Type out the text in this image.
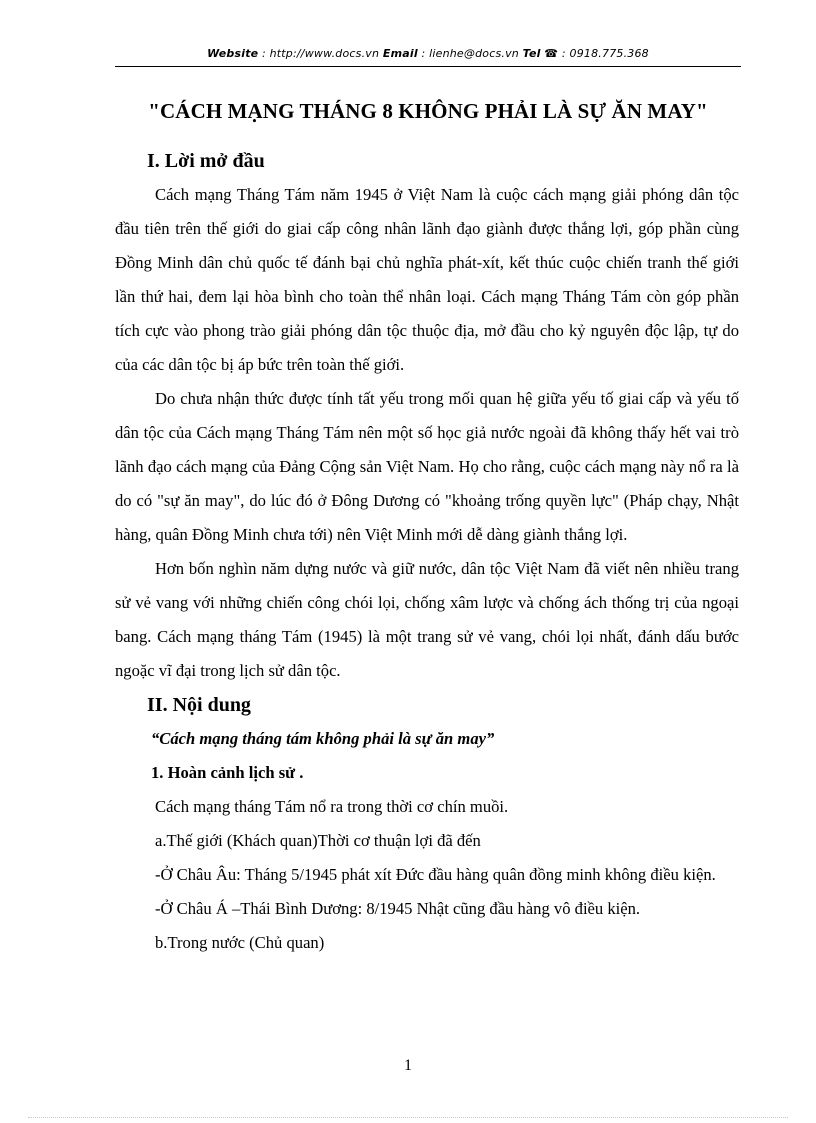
Website : http://www.docs.vn Email : lienhe@docs.vn Tel ☎ : 0918.775.368
"CÁCH MẠNG THÁNG 8 KHÔNG PHẢI LÀ SỰ ĂN MAY"

I. Lời mở đầu

Cách mạng Tháng Tám năm 1945 ở Việt Nam là cuộc cách mạng giải phóng dân tộc đầu tiên trên thế giới do giai cấp công nhân lãnh đạo giành được thắng lợi, góp phần cùng Đồng Minh dân chủ quốc tế đánh bại chủ nghĩa phát-xít, kết thúc cuộc chiến tranh thế giới lần thứ hai, đem lại hòa bình cho toàn thể nhân loại. Cách mạng Tháng Tám còn góp phần tích cực vào phong trào giải phóng dân tộc thuộc địa, mở đầu cho kỷ nguyên độc lập, tự do của các dân tộc bị áp bức trên toàn thế giới.

Do chưa nhận thức được tính tất yếu trong mối quan hệ giữa yếu tố giai cấp và yếu tố dân tộc của Cách mạng Tháng Tám nên một số học giả nước ngoài đã không thấy hết vai trò lãnh đạo cách mạng của Đảng Cộng sản Việt Nam. Họ cho rằng, cuộc cách mạng này nổ ra là do có "sự ăn may", do lúc đó ở Đông Dương có "khoảng trống quyền lực" (Pháp chạy, Nhật hàng, quân Đồng Minh chưa tới) nên Việt Minh mới dễ dàng giành thắng lợi.

Hơn bốn nghìn năm dựng nước và giữ nước, dân tộc Việt Nam đã viết nên nhiều trang sử vẻ vang với những chiến công chói lọi, chống xâm lược và chống ách thống trị của ngoại bang. Cách mạng tháng Tám (1945) là một trang sử vẻ vang, chói lọi nhất, đánh dấu bước ngoặc vĩ đại trong lịch sử dân tộc.

II. Nội dung

“Cách mạng tháng tám không phải là sự ăn may”

1. Hoàn cảnh lịch sử .

Cách mạng tháng Tám nổ ra trong thời cơ chín muồi.

a.Thế giới (Khách quan)Thời cơ thuận lợi đã đến

-Ở Châu Âu: Tháng 5/1945 phát xít Đức đầu hàng quân đồng minh không điều kiện.

-Ở Châu Á –Thái Bình Dương: 8/1945 Nhật cũng đầu hàng vô điều kiện.

b.Trong nước (Chủ quan)

1
